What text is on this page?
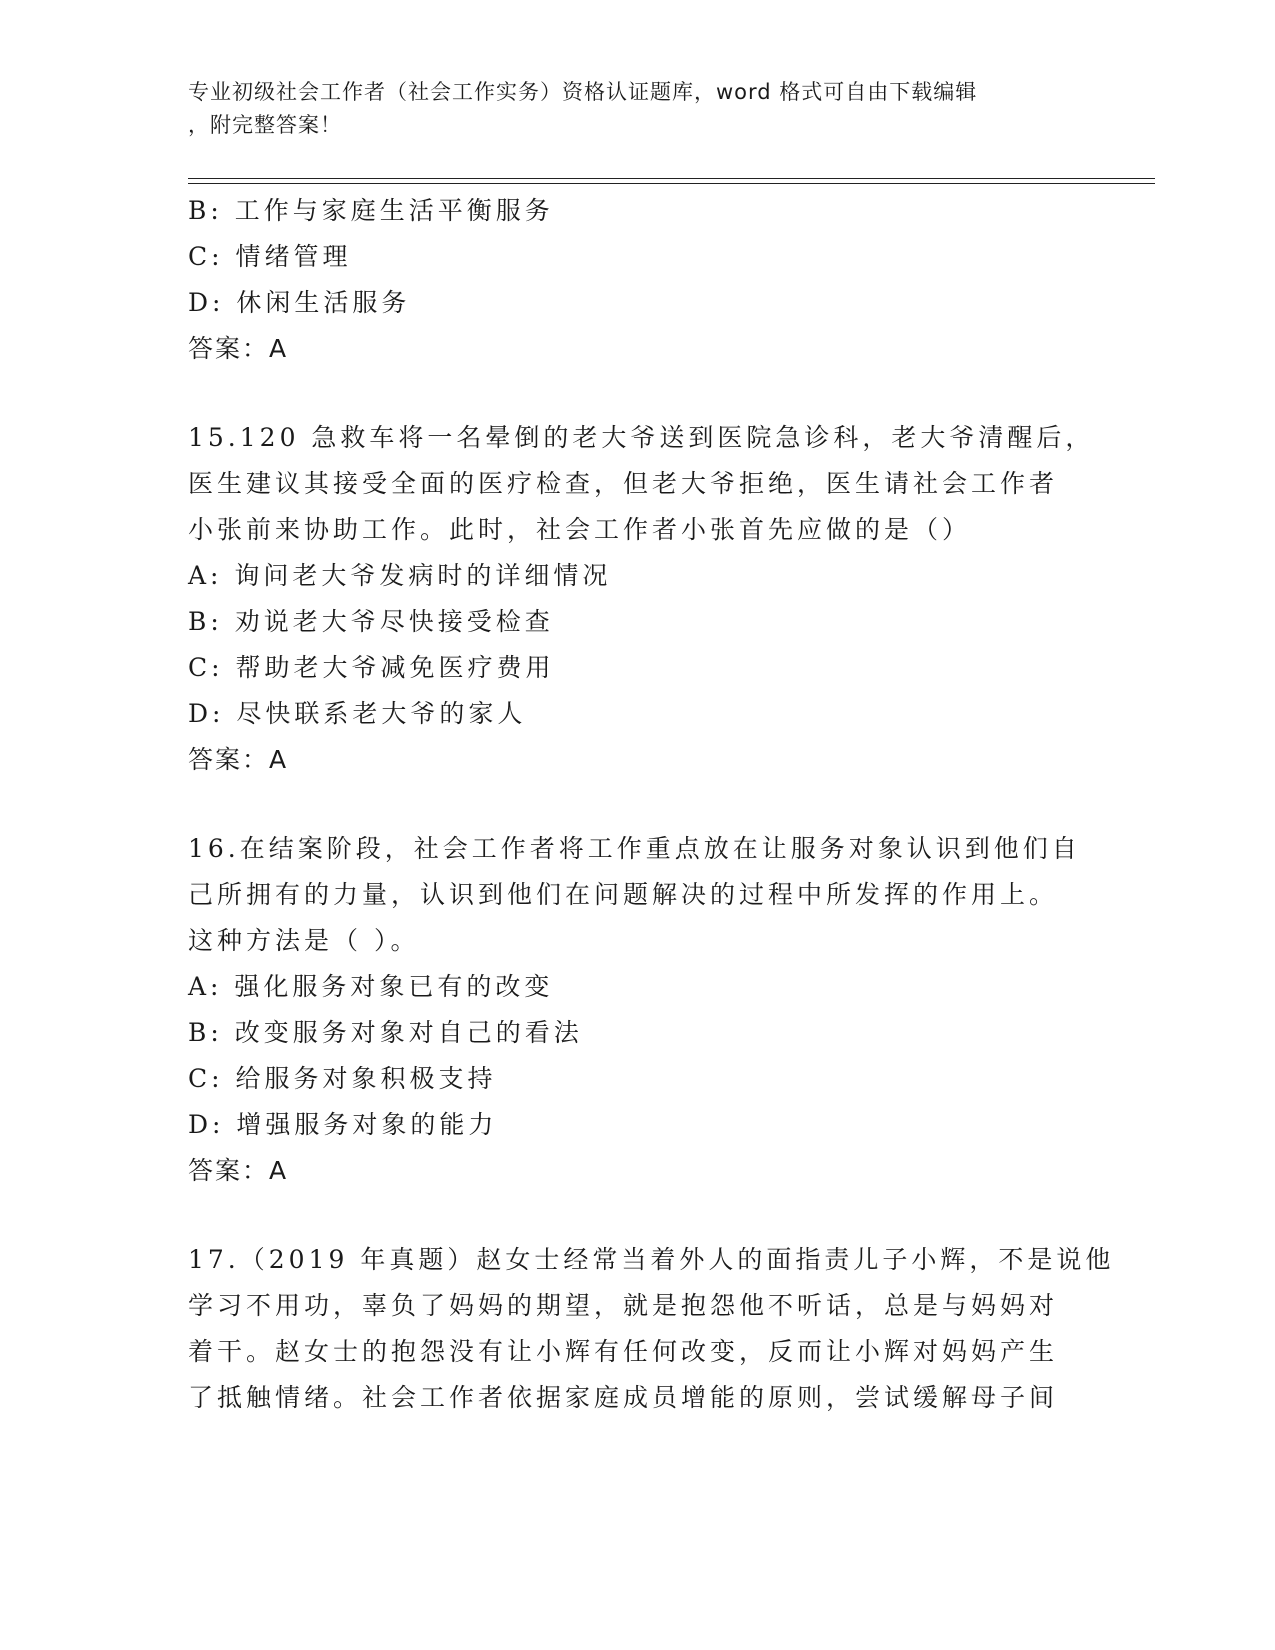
专业初级社会工作者（社会工作实务）资格认证题库，word 格式可自由下载编辑
，附完整答案！
B: 工作与家庭生活平衡服务
C: 情绪管理
D: 休闲生活服务
答案：A
15.120 急救车将一名晕倒的老大爷送到医院急诊科，老大爷清醒后，
医生建议其接受全面的医疗检查，但老大爷拒绝，医生请社会工作者
小张前来协助工作。此时，社会工作者小张首先应做的是（）
A: 询问老大爷发病时的详细情况
B: 劝说老大爷尽快接受检查
C: 帮助老大爷减免医疗费用
D: 尽快联系老大爷的家人
答案：A
16.在结案阶段，社会工作者将工作重点放在让服务对象认识到他们自
己所拥有的力量，认识到他们在问题解决的过程中所发挥的作用上。
这种方法是（ ）。
A: 强化服务对象已有的改变
B: 改变服务对象对自己的看法
C: 给服务对象积极支持
D: 增强服务对象的能力
答案：A
17.（2019 年真题）赵女士经常当着外人的面指责儿子小辉，不是说他
学习不用功，辜负了妈妈的期望，就是抱怨他不听话，总是与妈妈对
着干。赵女士的抱怨没有让小辉有任何改变，反而让小辉对妈妈产生
了抵触情绪。社会工作者依据家庭成员增能的原则，尝试缓解母子间
